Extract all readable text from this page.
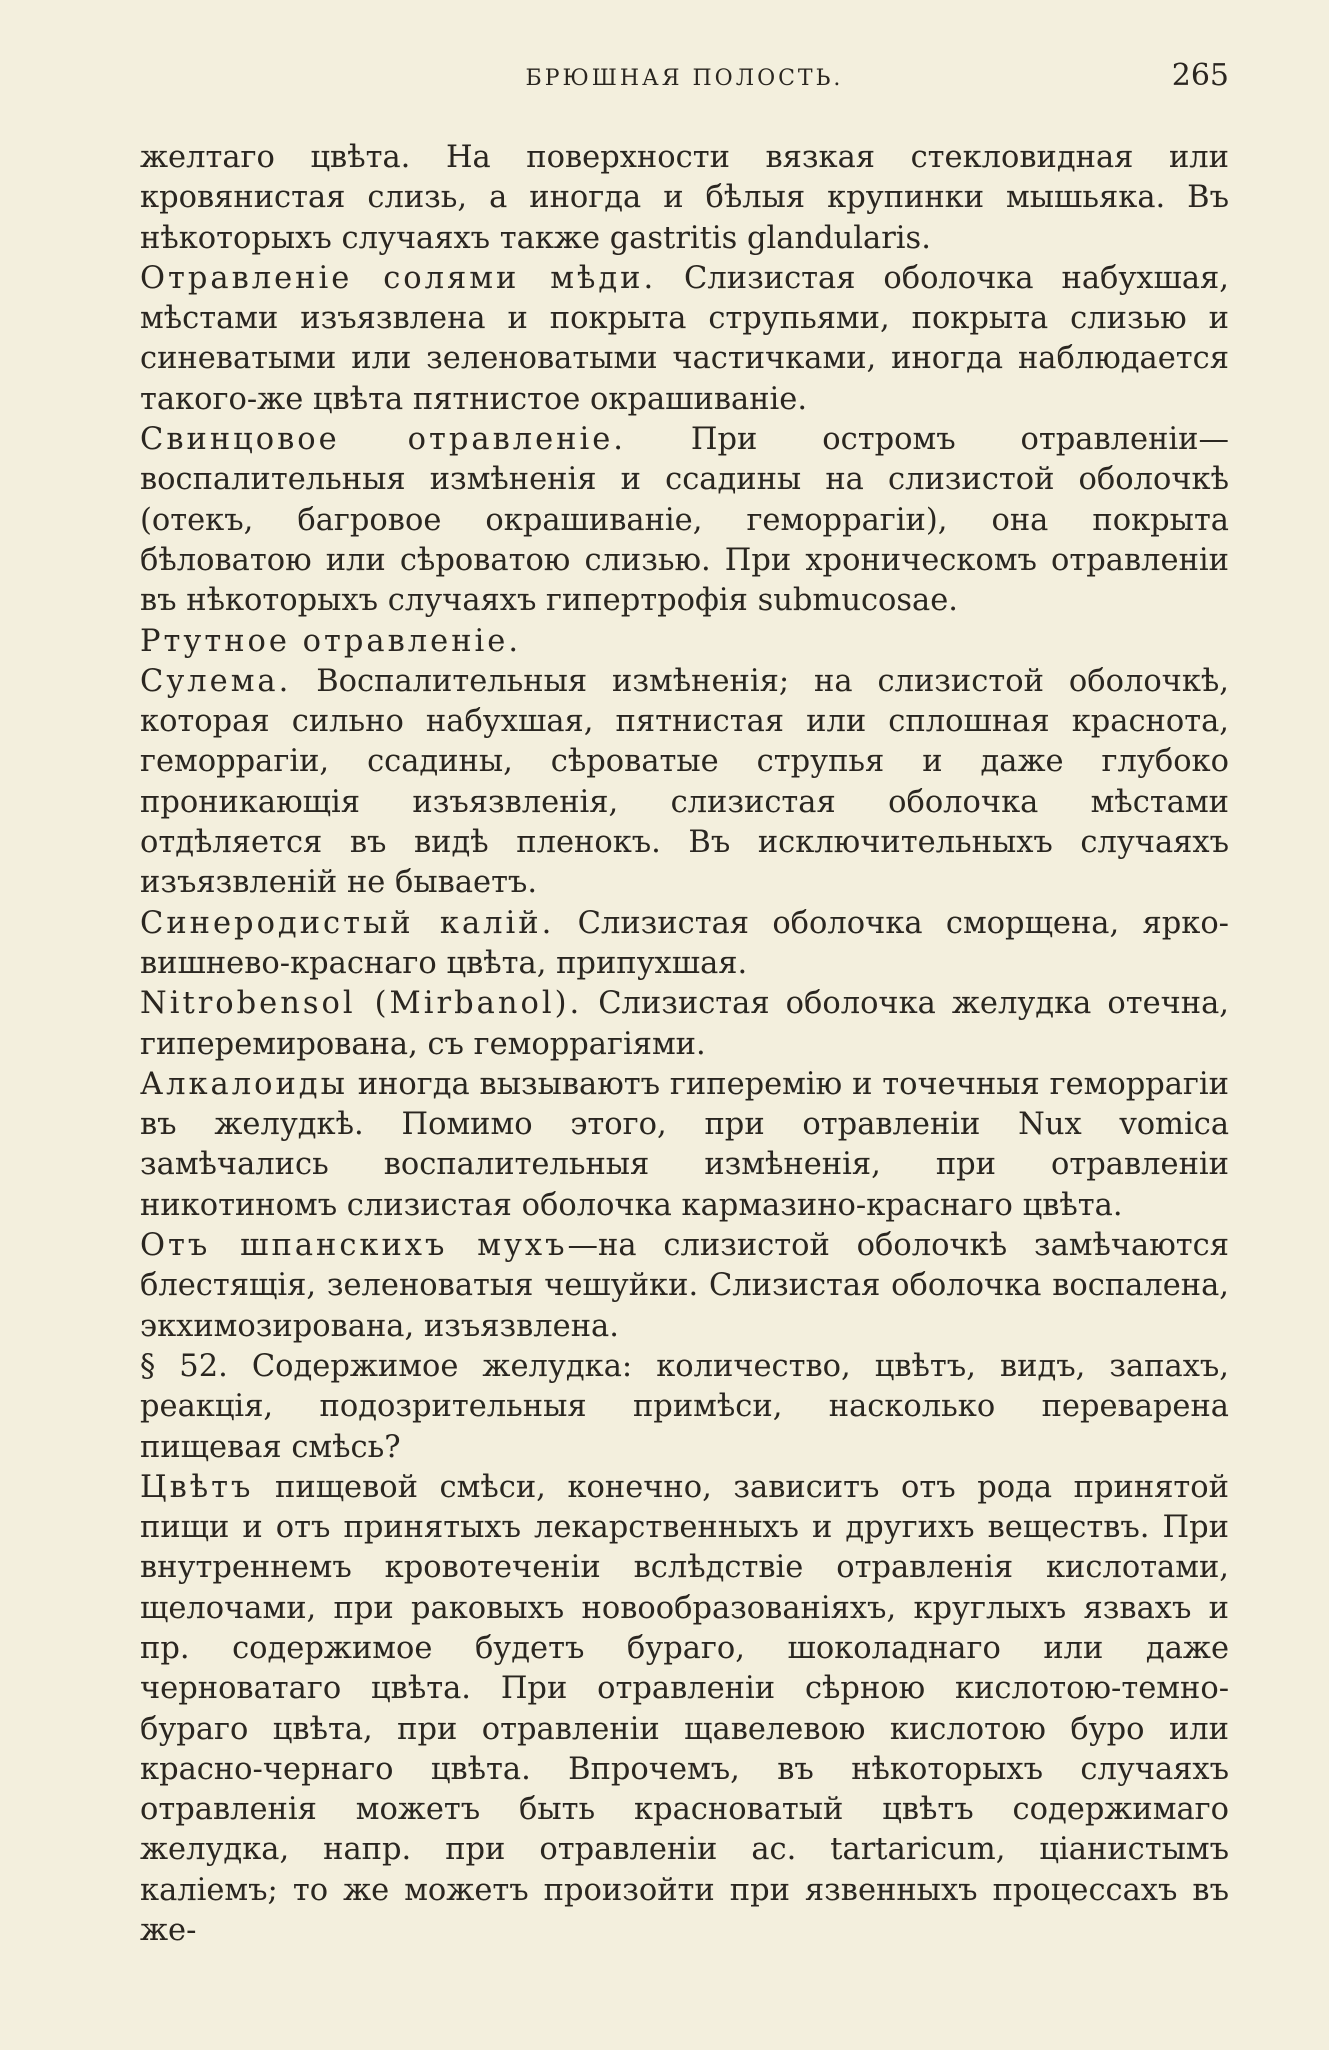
БРЮШНАЯ ПОЛОСТЬ.	265

желтаго цвѣта. На поверхности вязкая стекловидная или кровянистая слизь, а иногда и бѣлыя крупинки мышьяка. Въ нѣкоторыхъ случаяхъ также gastritis glandularis.

Отравленіе солями мѣди. Слизистая оболочка набухшая, мѣстами изъязвлена и покрыта струпьями, покрыта слизью и синеватыми или зеленоватыми частичками, иногда наблюдается такого-же цвѣта пятнистое окрашиваніе.

Свинцовое отравленіе. При остромъ отравленіи—воспалительныя измѣненія и ссадины на слизистой оболочкѣ (отекъ, багровое окрашиваніе, геморрагіи), она покрыта бѣловатою или сѣроватою слизью. При хроническомъ отравленіи въ нѣкоторыхъ случаяхъ гипертрофія submucosae.

Ртутное отравленіе.

Сулема. Воспалительныя измѣненія; на слизистой оболочкѣ, которая сильно набухшая, пятнистая или сплошная краснота, геморрагіи, ссадины, сѣроватые струпья и даже глубоко проникающія изъязвленія, слизистая оболочка мѣстами отдѣляется въ видѣ пленокъ. Въ исключительныхъ случаяхъ изъязвленій не бываетъ.

Синеродистый калій. Слизистая оболочка сморщена, ярко-вишнево-краснаго цвѣта, припухшая.

Nitrobensol (Mirbanol). Слизистая оболочка желудка отечна, гиперемирована, съ геморрагіями.

Алкалоиды иногда вызываютъ гиперемію и точечныя геморрагіи въ желудкѣ. Помимо этого, при отравленіи Nux vomica замѣчались воспалительныя измѣненія, при отравленіи никотиномъ слизистая оболочка кармазино-краснаго цвѣта.

Отъ шпанскихъ мухъ—на слизистой оболочкѣ замѣчаются блестящія, зеленоватыя чешуйки. Слизистая оболочка воспалена, экхимозирована, изъязвлена.

§ 52. Содержимое желудка: количество, цвѣтъ, видъ, запахъ, реакція, подозрительныя примѣси, насколько переварена пищевая смѣсь?

Цвѣтъ пищевой смѣси, конечно, зависитъ отъ рода принятой пищи и отъ принятыхъ лекарственныхъ и другихъ веществъ. При внутреннемъ кровотеченіи вслѣдствіе отравленія кислотами, щелочами, при раковыхъ новообразованіяхъ, круглыхъ язвахъ и пр. содержимое будетъ бураго, шоколаднаго или даже черноватаго цвѣта. При отравленіи сѣрною кислотою-темно-бураго цвѣта, при отравленіи щавелевою кислотою буро или красно-чернаго цвѣта. Впрочемъ, въ нѣкоторыхъ случаяхъ отравленія можетъ быть красноватый цвѣтъ содержимаго желудка, напр. при отравленіи ac. tartaricum, ціанистымъ каліемъ; то же можетъ произойти при язвенныхъ процессахъ въ же-
